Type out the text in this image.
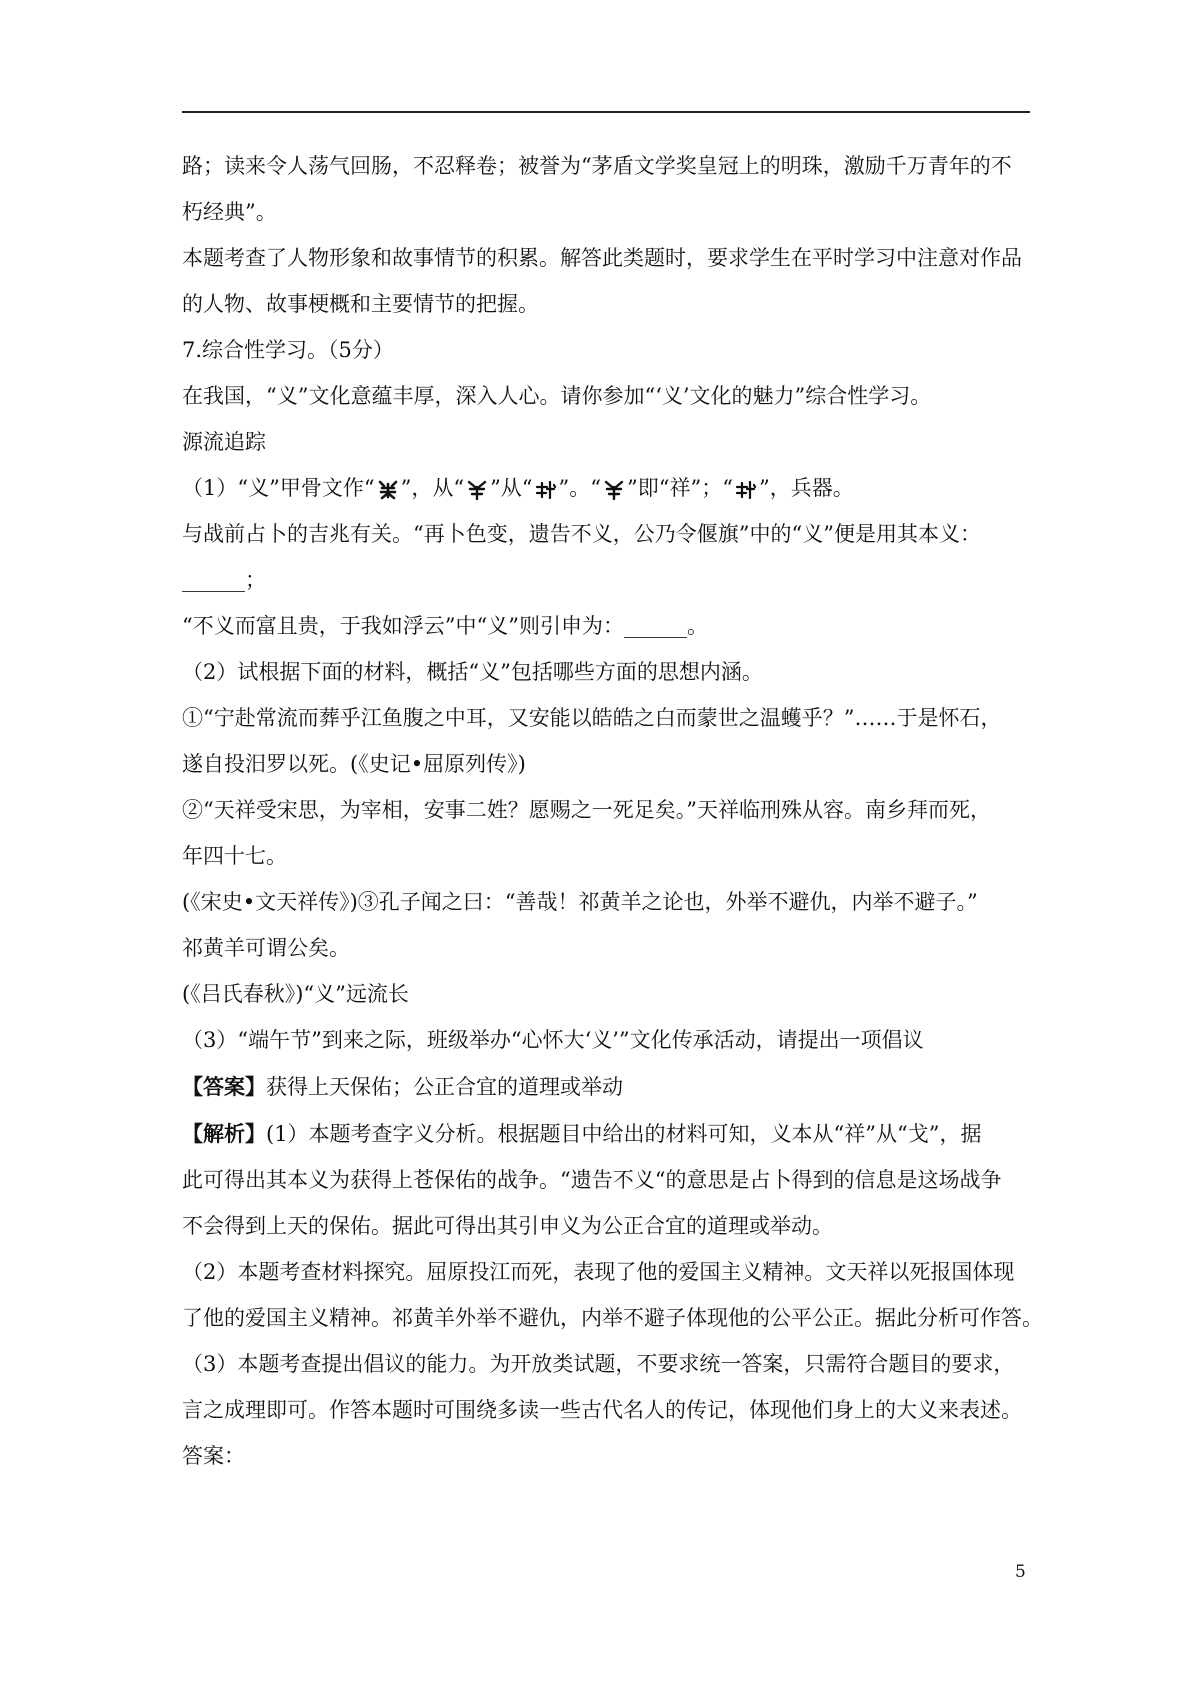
路；读来令人荡气回肠，不忍释卷；被誉为“茅盾文学奖皇冠上的明珠，激励千万青年的不
朽经典”。
本题考查了人物形象和故事情节的积累。解答此类题时，要求学生在平时学习中注意对作品
的人物、故事梗概和主要情节的把握。
7.综合性学习。（5分）
在我国，“义”文化意蕴丰厚，深入人心。请你参加“‘义’文化的魅力”综合性学习。
源流追踪
（1）“义”甲骨文作“ ”，从“ ”从“ ”。“ ”即“祥”；“ ”，兵器。
与战前占卜的吉兆有关。“再卜色变，遗告不义，公乃令偃旗”中的“义”便是用其本义：
______；
“不义而富且贵，于我如浮云”中“义”则引申为：______。
（2）试根据下面的材料，概括“义”包括哪些方面的思想内涵。
①“宁赴常流而葬乎江鱼腹之中耳，又安能以皓皓之白而蒙世之温蠖乎？”……于是怀石，
遂自投汨罗以死。(《史记•屈原列传》)
②“天祥受宋思，为宰相，安事二姓？愿赐之一死足矣。”天祥临刑殊从容。南乡拜而死，
年四十七。
(《宋史•文天祥传》)③孔子闻之曰：“善哉！祁黄羊之论也，外举不避仇，内举不避子。”
祁黄羊可谓公矣。
(《吕氏春秋》)“义”远流长
（3）“端午节”到来之际，班级举办“心怀大‘义’”文化传承活动，请提出一项倡议
【答案】获得上天保佑；公正合宜的道理或举动
【解析】(1）本题考查字义分析。根据题目中给出的材料可知，义本从“祥”从“戈”，据
此可得出其本义为获得上苍保佑的战争。“遗告不义“的意思是占卜得到的信息是这场战争
不会得到上天的保佑。据此可得出其引申义为公正合宜的道理或举动。
（2）本题考查材料探究。屈原投江而死，表现了他的爱国主义精神。文天祥以死报国体现
了他的爱国主义精神。祁黄羊外举不避仇，内举不避子体现他的公平公正。据此分析可作答。
（3）本题考查提出倡议的能力。为开放类试题，不要求统一答案，只需符合题目的要求，
言之成理即可。作答本题时可围绕多读一些古代名人的传记，体现他们身上的大义来表述。
答案：
5
